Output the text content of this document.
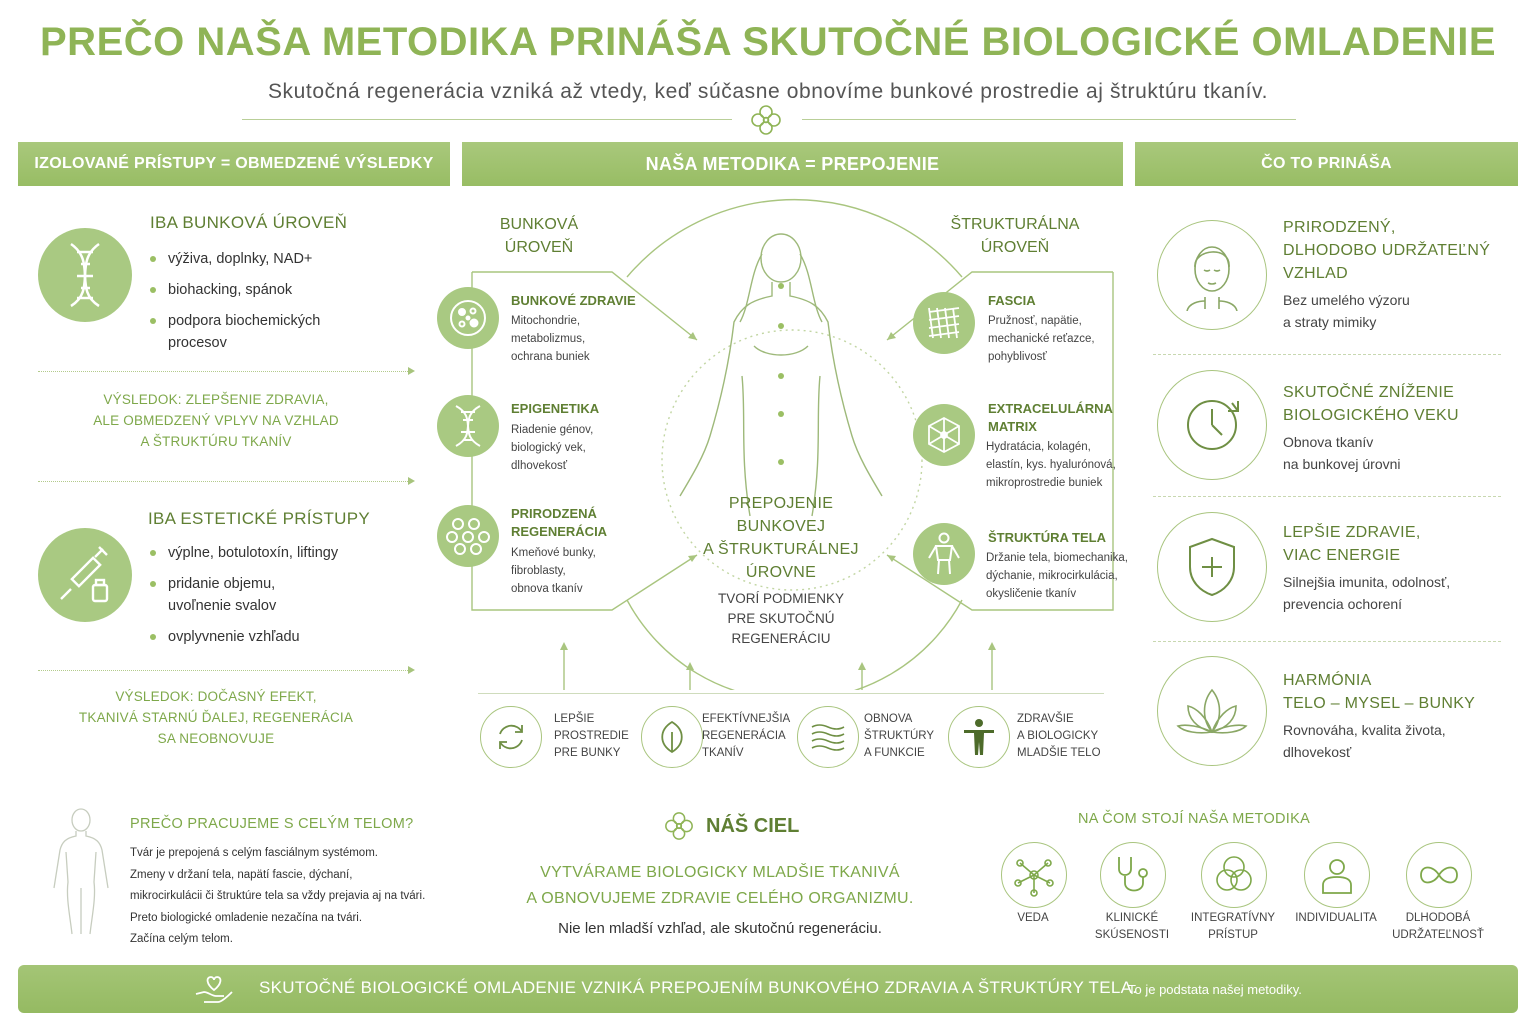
PREČO NAŠA METODIKA PRINÁŠA SKUTOČNÉ BIOLOGICKÉ OMLADENIE
Skutočná regenerácia vzniká až vtedy, keď súčasne obnovíme bunkové prostredie aj štruktúru tkanív.
IZOLOVANÉ PRÍSTUPY = OBMEDZENÉ VÝSLEDKY	NAŠA METODIKA = PREPOJENIE	ČO TO PRINÁŠA
IBA BUNKOVÁ ÚROVEŇ
výživa, doplnky, NAD+
biohacking, spánok
podpora biochemických procesov
VÝSLEDOK: ZLEPŠENIE ZDRAVIA,
ALE OBMEDZENÝ VPLYV NA VZHLAD
A ŠTRUKTÚRU TKANÍV
IBA ESTETICKÉ PRÍSTUPY
výplne, botulotoxín, liftingy
pridanie objemu, uvoľnenie svalov
ovplyvnenie vzhľadu
VÝSLEDOK: DOČASNÝ EFEKT,
TKANIVÁ STARNÚ ĎALEJ, REGENERÁCIA
SA NEOBNOVUJE
BUNKOVÁ
ÚROVEŇ
ŠTRUKTURÁLNA
ÚROVEŇ
BUNKOVÉ ZDRAVIE
Mitochondrie,
metabolizmus,
ochrana buniek
EPIGENETIKA
Riadenie génov,
biologický vek,
dlhovekosť
PRIRODZENÁ REGENERÁCIA
Kmeňové bunky,
fibroblasty,
obnova tkanív
FASCIA
Pružnosť, napätie,
mechanické reťazce,
pohyblivosť
EXTRACELULÁRNA MATRIX
Hydratácia, kolagén,
elastín, kys. hyalurónová,
mikroprostredie buniek
ŠTRUKTÚRA TELA
Držanie tela, biomechanika,
dýchanie, mikrocirkulácia,
okysličenie tkanív
PREPOJENIE
BUNKOVEJ
A ŠTRUKTURÁLNEJ
ÚROVNE
TVORÍ PODMIENKY
PRE SKUTOČNÚ
REGENERÁCIU
LEPŠIE
PROSTREDIE
PRE BUNKY
EFEKTÍVNEJŠIA
REGENERÁCIA
TKANÍV
OBNOVA
ŠTRUKTÚRY
A FUNKCIE
ZDRAVŠIE
A BIOLOGICKY
MLADŠIE TELO
PRIRODZENÝ,
DLHODOBO UDRŽATEĽNÝ
VZHLAD
Bez umelého výzoru
a straty mimiky
SKUTOČNÉ ZNÍŽENIE
BIOLOGICKÉHO VEKU
Obnova tkanív
na bunkovej úrovni
LEPŠIE ZDRAVIE,
VIAC ENERGIE
Silnejšia imunita, odolnosť,
prevencia ochorení
HARMÓNIA
TELO – MYSEL – BUNKY
Rovnováha, kvalita života,
dlhovekosť
PREČO PRACUJEME S CELÝM TELOM?
Tvár je prepojená s celým fasciálnym systémom.
Zmeny v držaní tela, napätí fascie, dýchaní,
mikrocirkulácii či štruktúre tela sa vždy prejavia aj na tvári.
Preto biologické omladenie nezačína na tvári.
Začína celým telom.
NÁŠ CIEL
VYTVÁRAME BIOLOGICKY MLADŠIE TKANIVÁ
A OBNOVUJEME ZDRAVIE CELÉHO ORGANIZMU.
Nie len mladší vzhľad, ale skutočnú regeneráciu.
NA ČOM STOJÍ NAŠA METODIKA
VEDA	KLINICKÉ
SKÚSENOSTI
INTEGRATÍVNY
PRÍSTUP
INDIVIDUALITA	DLHODOBÁ
UDRŽATEĽNOSŤ
SKUTOČNÉ BIOLOGICKÉ OMLADENIE VZNIKÁ PREPOJENÍM BUNKOVÉHO ZDRAVIA A ŠTRUKTÚRY TELA.
To je podstata našej metodiky.
